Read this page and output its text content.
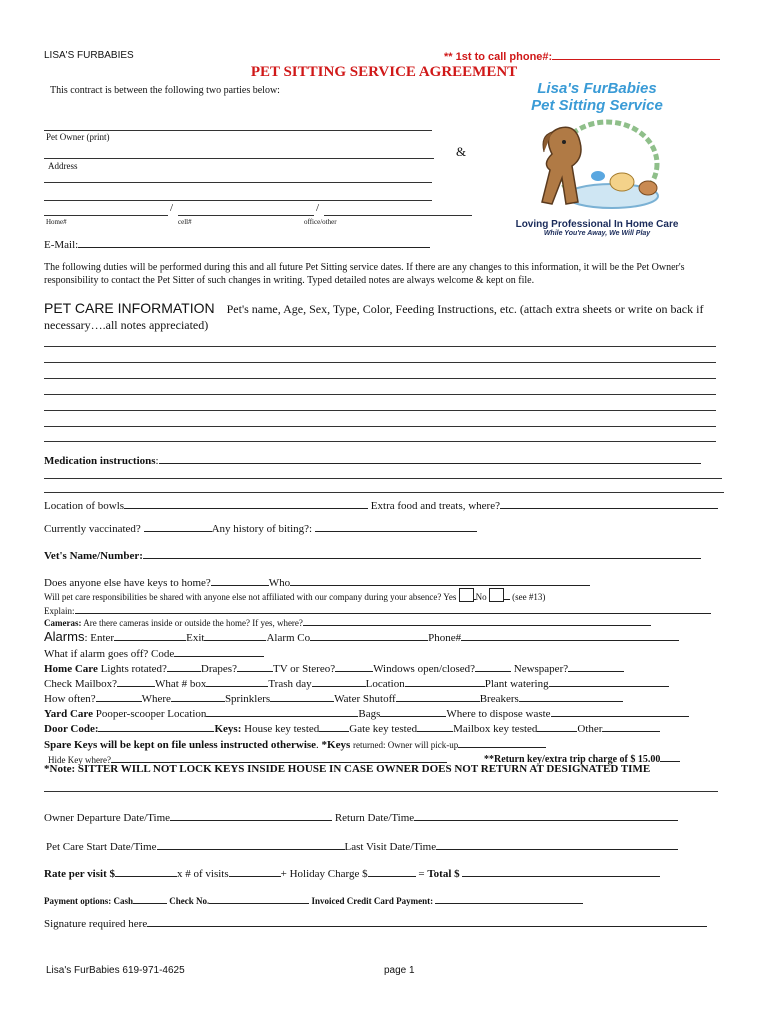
LISA'S FURBABIES	** 1st to call phone#:
PET SITTING SERVICE AGREEMENT
This contract is between the following two parties below:
Pet Owner (print)
Address
&
/	/
Home#	cell#	office/other
E-Mail:
Lisa's FurBabies
Pet Sitting Service
Loving Professional In Home Care
While You're Away, We Will Play
The following duties will be performed during this and all future Pet Sitting service dates. If there are any changes to this information, it will be the Pet Owner's responsibility to contact the Pet Sitter of such changes in writing. Typed detailed notes are always welcome & kept on file.
PET CARE INFORMATION Pet's name, Age, Sex, Type, Color, Feeding Instructions, etc. (attach extra sheets or write on back if necessary….all notes appreciated)
Medication instructions:
Location of bowls	Extra food and treats, where?
Currently vaccinated?	Any history of biting?:
Vet's Name/Number:
Does anyone else have keys to home?	Who
Will pet care responsibilities be shared with anyone else not affiliated with our company during your absence? Yes No	(see #13)
Explain:
Cameras: Are there cameras inside or outside the home? If yes, where?
Alarms: Enter	Exit	Alarm Co	Phone#
What if alarm goes off? Code
Home Care Lights rotated?	Drapes?	TV or Stereo?	Windows open/closed?	Newspaper?
Check Mailbox?	What # box	Trash day	Location	Plant watering
How often?	Where	Sprinklers	Water Shutoff	Breakers
Yard Care Pooper-scooper Location	Bags	Where to dispose waste
Door Code:	Keys: House key tested	Gate key tested	Mailbox key tested	Other
Spare Keys will be kept on file unless instructed otherwise. *Keys returned: Owner will pick-up
Hide Key where?	**Return key/extra trip charge of $ 15.00
*Note: SITTER WILL NOT LOCK KEYS INSIDE HOUSE IN CASE OWNER DOES NOT RETURN AT DESIGNATED TIME
Owner Departure Date/Time	Return Date/Time
Pet Care Start Date/Time	Last Visit Date/Time
Rate per visit $	x # of visits	+ Holiday Charge $	= Total $
Payment options: Cash	Check No.	Invoiced Credit Card Payment:
Signature required here
Lisa's FurBabies 619-971-4625	page 1
